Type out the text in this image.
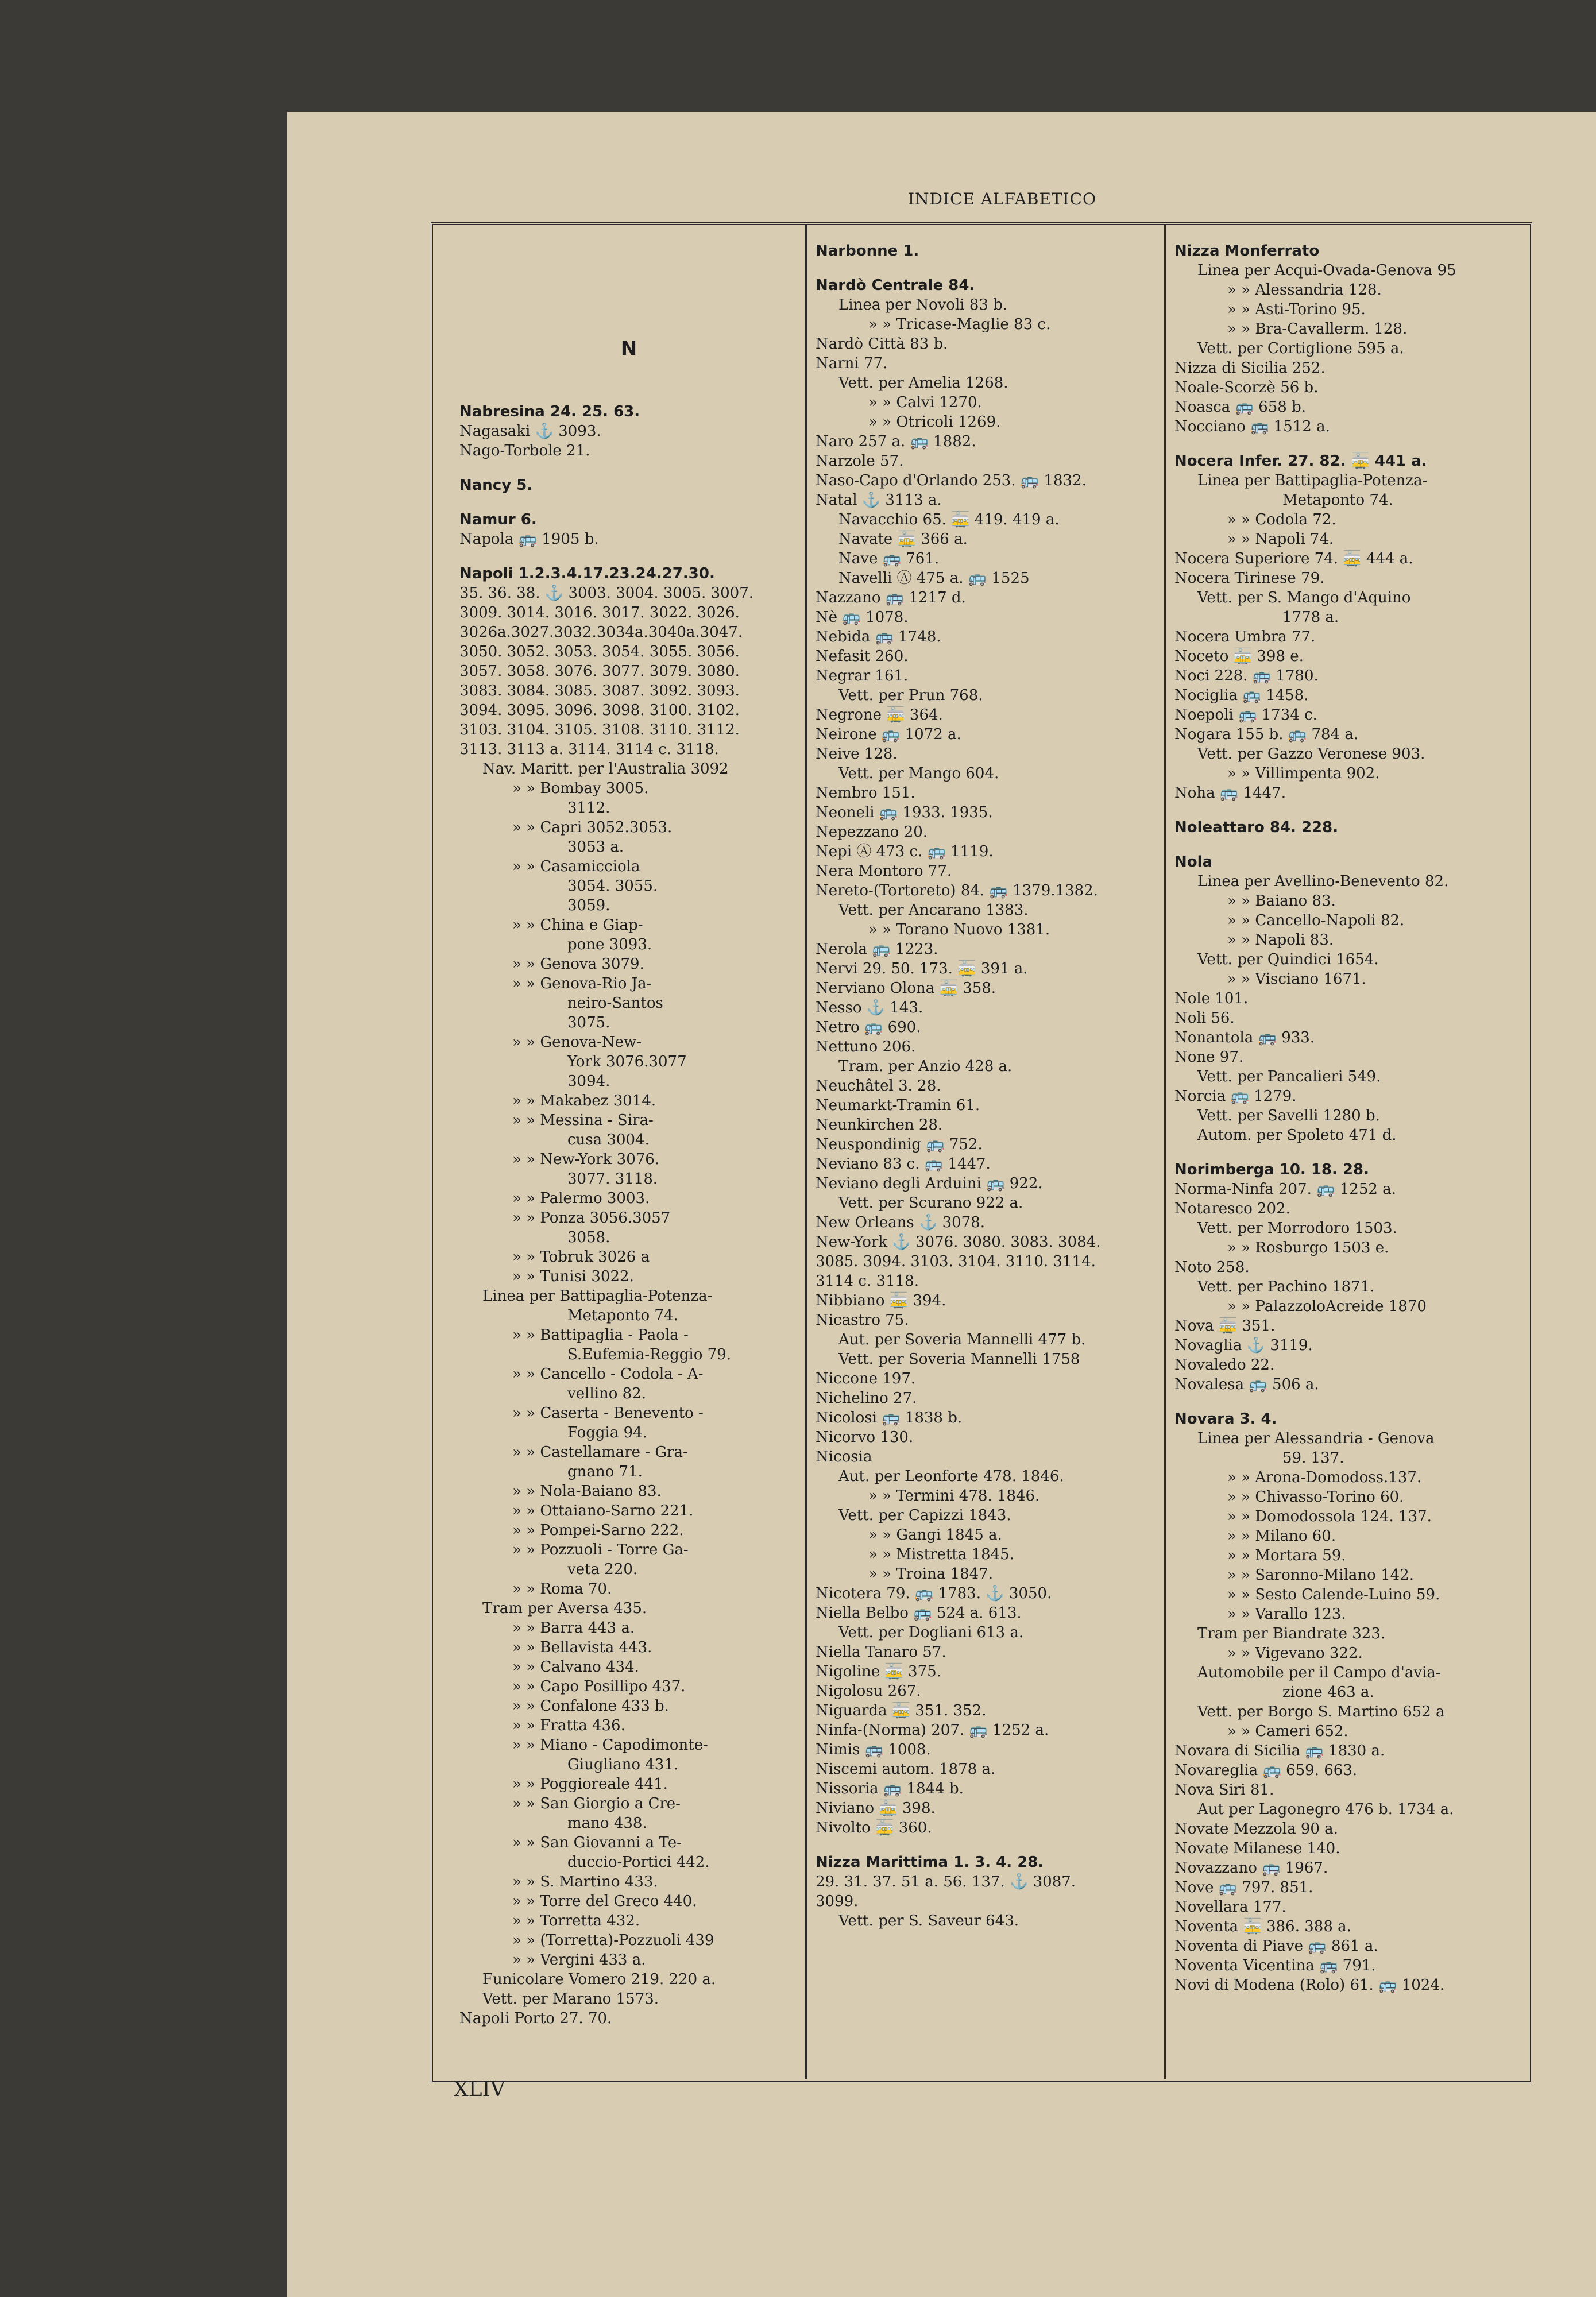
INDICE ALFABETICO
N
Nabresina 24. 25. 63.
Nagasaki ⚓ 3093.
Nago-Torbole 21.
Nancy 5.
Namur 6.
Napola 🚌 1905 b.
Napoli 1.2.3.4.17.23.24.27.30.
35. 36. 38. ⚓ 3003. 3004. 3005. 3007.
3009. 3014. 3016. 3017. 3022. 3026.
3026a.3027.3032.3034a.3040a.3047.
3050. 3052. 3053. 3054. 3055. 3056.
3057. 3058. 3076. 3077. 3079. 3080.
3083. 3084. 3085. 3087. 3092. 3093.
3094. 3095. 3096. 3098. 3100. 3102.
3103. 3104. 3105. 3108. 3110. 3112.
3113. 3113 a. 3114. 3114 c. 3118.
Nav. Maritt. per l'Australia 3092
» » Bombay 3005.
3112.
» » Capri 3052.3053.
3053 a.
» » Casamicciola
3054. 3055.
3059.
» » China e Giap-
pone 3093.
» » Genova 3079.
» » Genova-Rio Ja-
neiro-Santos
3075.
» » Genova-New-
York 3076.3077
3094.
» » Makabez 3014.
» » Messina - Sira-
cusa 3004.
» » New-York 3076.
3077. 3118.
» » Palermo 3003.
» » Ponza 3056.3057
3058.
» » Tobruk 3026 a
» » Tunisi 3022.
Linea per Battipaglia-Potenza-
Metaponto 74.
» » Battipaglia - Paola -
S.Eufemia-Reggio 79.
» » Cancello - Codola - A-
vellino 82.
» » Caserta - Benevento -
Foggia 94.
» » Castellamare - Gra-
gnano 71.
» » Nola-Baiano 83.
» » Ottaiano-Sarno 221.
» » Pompei-Sarno 222.
» » Pozzuoli - Torre Ga-
veta 220.
» » Roma 70.
Tram per Aversa 435.
» » Barra 443 a.
» » Bellavista 443.
» » Calvano 434.
» » Capo Posillipo 437.
» » Confalone 433 b.
» » Fratta 436.
» » Miano - Capodimonte-
Giugliano 431.
» » Poggioreale 441.
» » San Giorgio a Cre-
mano 438.
» » San Giovanni a Te-
duccio-Portici 442.
» » S. Martino 433.
» » Torre del Greco 440.
» » Torretta 432.
» » (Torretta)-Pozzuoli 439
» » Vergini 433 a.
Funicolare Vomero 219. 220 a.
Vett. per Marano 1573.
Napoli Porto 27. 70.
Narbonne 1.
Nardò Centrale 84.
Linea per Novoli 83 b.
» » Tricase-Maglie 83 c.
Nardò Città 83 b.
Narni 77.
Vett. per Amelia 1268.
» » Calvi 1270.
» » Otricoli 1269.
Naro 257 a. 🚌 1882.
Narzole 57.
Naso-Capo d'Orlando 253. 🚌 1832.
Natal ⚓ 3113 a.
Navacchio 65. 🚋 419. 419 a.
Navate 🚋 366 a.
Nave 🚌 761.
Navelli Ⓐ 475 a. 🚌 1525
Nazzano 🚌 1217 d.
Nè 🚌 1078.
Nebida 🚌 1748.
Nefasit 260.
Negrar 161.
Vett. per Prun 768.
Negrone 🚋 364.
Neirone 🚌 1072 a.
Neive 128.
Vett. per Mango 604.
Nembro 151.
Neoneli 🚌 1933. 1935.
Nepezzano 20.
Nepi Ⓐ 473 c. 🚌 1119.
Nera Montoro 77.
Nereto-(Tortoreto) 84. 🚌 1379.1382.
Vett. per Ancarano 1383.
» » Torano Nuovo 1381.
Nerola 🚌 1223.
Nervi 29. 50. 173. 🚋 391 a.
Nerviano Olona 🚋 358.
Nesso ⚓ 143.
Netro 🚌 690.
Nettuno 206.
Tram. per Anzio 428 a.
Neuchâtel 3. 28.
Neumarkt-Tramin 61.
Neunkirchen 28.
Neuspondinig 🚌 752.
Neviano 83 c. 🚌 1447.
Neviano degli Arduini 🚌 922.
Vett. per Scurano 922 a.
New Orleans ⚓ 3078.
New-York ⚓ 3076. 3080. 3083. 3084.
3085. 3094. 3103. 3104. 3110. 3114.
3114 c. 3118.
Nibbiano 🚋 394.
Nicastro 75.
Aut. per Soveria Mannelli 477 b.
Vett. per Soveria Mannelli 1758
Niccone 197.
Nichelino 27.
Nicolosi 🚌 1838 b.
Nicorvo 130.
Nicosia
Aut. per Leonforte 478. 1846.
» » Termini 478. 1846.
Vett. per Capizzi 1843.
» » Gangi 1845 a.
» » Mistretta 1845.
» » Troina 1847.
Nicotera 79. 🚌 1783. ⚓ 3050.
Niella Belbo 🚌 524 a. 613.
Vett. per Dogliani 613 a.
Niella Tanaro 57.
Nigoline 🚋 375.
Nigolosu 267.
Niguarda 🚋 351. 352.
Ninfa-(Norma) 207. 🚌 1252 a.
Nimis 🚌 1008.
Niscemi autom. 1878 a.
Nissoria 🚌 1844 b.
Niviano 🚋 398.
Nivolto 🚋 360.
Nizza Marittima 1. 3. 4. 28.
29. 31. 37. 51 a. 56. 137. ⚓ 3087.
3099.
Vett. per S. Saveur 643.
Nizza Monferrato
Linea per Acqui-Ovada-Genova 95
» » Alessandria 128.
» » Asti-Torino 95.
» » Bra-Cavallerm. 128.
Vett. per Cortiglione 595 a.
Nizza di Sicilia 252.
Noale-Scorzè 56 b.
Noasca 🚌 658 b.
Nocciano 🚌 1512 a.
Nocera Infer. 27. 82. 🚋 441 a.
Linea per Battipaglia-Potenza-
Metaponto 74.
» » Codola 72.
» » Napoli 74.
Nocera Superiore 74. 🚋 444 a.
Nocera Tirinese 79.
Vett. per S. Mango d'Aquino
1778 a.
Nocera Umbra 77.
Noceto 🚋 398 e.
Noci 228. 🚌 1780.
Nociglia 🚌 1458.
Noepoli 🚌 1734 c.
Nogara 155 b. 🚌 784 a.
Vett. per Gazzo Veronese 903.
» » Villimpenta 902.
Noha 🚌 1447.
Noleattaro 84. 228.
Nola
Linea per Avellino-Benevento 82.
» » Baiano 83.
» » Cancello-Napoli 82.
» » Napoli 83.
Vett. per Quindici 1654.
» » Visciano 1671.
Nole 101.
Noli 56.
Nonantola 🚌 933.
None 97.
Vett. per Pancalieri 549.
Norcia 🚌 1279.
Vett. per Savelli 1280 b.
Autom. per Spoleto 471 d.
Norimberga 10. 18. 28.
Norma-Ninfa 207. 🚌 1252 a.
Notaresco 202.
Vett. per Morrodoro 1503.
» » Rosburgo 1503 e.
Noto 258.
Vett. per Pachino 1871.
» » PalazzoloAcreide 1870
Nova 🚋 351.
Novaglia ⚓ 3119.
Novaledo 22.
Novalesa 🚌 506 a.
Novara 3. 4.
Linea per Alessandria - Genova
59. 137.
» » Arona-Domodoss.137.
» » Chivasso-Torino 60.
» » Domodossola 124. 137.
» » Milano 60.
» » Mortara 59.
» » Saronno-Milano 142.
» » Sesto Calende-Luino 59.
» » Varallo 123.
Tram per Biandrate 323.
» » Vigevano 322.
Automobile per il Campo d'avia-
zione 463 a.
Vett. per Borgo S. Martino 652 a
» » Cameri 652.
Novara di Sicilia 🚌 1830 a.
Novareglia 🚌 659. 663.
Nova Siri 81.
Aut per Lagonegro 476 b. 1734 a.
Novate Mezzola 90 a.
Novate Milanese 140.
Novazzano 🚌 1967.
Nove 🚌 797. 851.
Novellara 177.
Noventa 🚋 386. 388 a.
Noventa di Piave 🚌 861 a.
Noventa Vicentina 🚌 791.
Novi di Modena (Rolo) 61. 🚌 1024.
XLIV
